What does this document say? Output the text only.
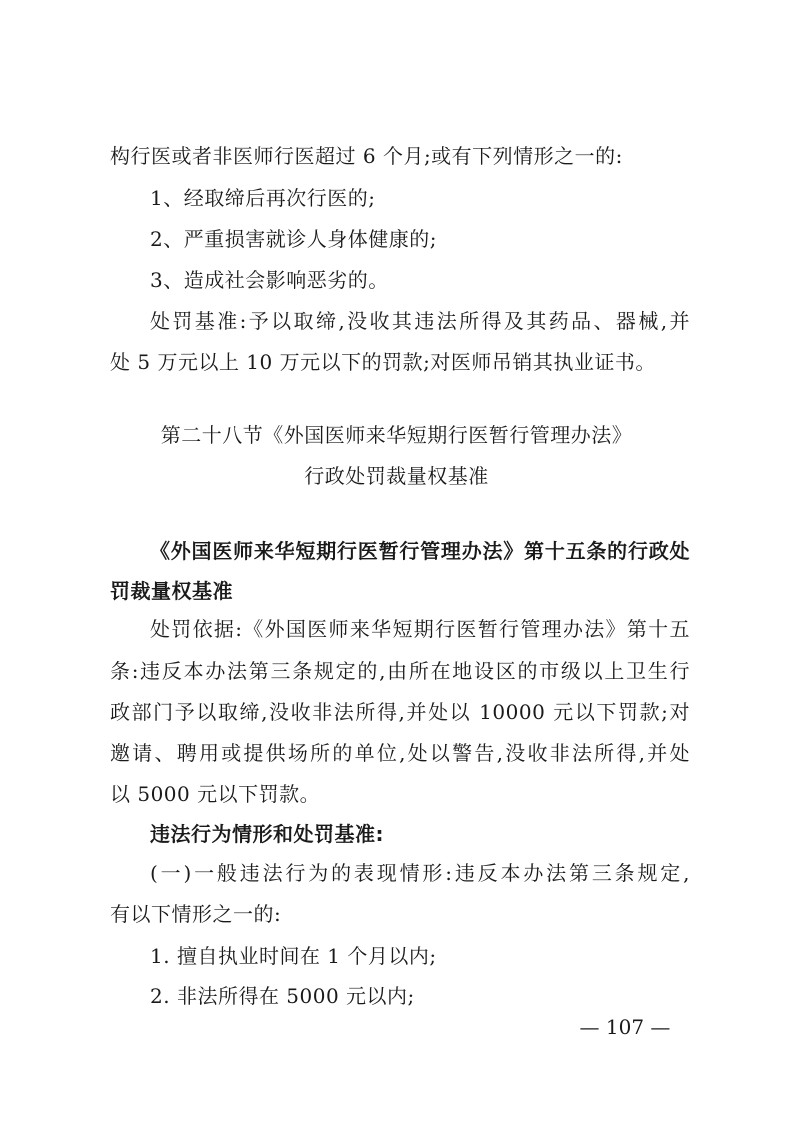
构行医或者非医师行医超过 6 个月;或有下列情形之一的:
1、经取缔后再次行医的;
2、严重损害就诊人身体健康的;
3、造成社会影响恶劣的。
处罚基准:予以取缔,没收其违法所得及其药品、器械,并
处 5 万元以上 10 万元以下的罚款;对医师吊销其执业证书。
第二十八节《外国医师来华短期行医暂行管理办法》
行政处罚裁量权基准
《外国医师来华短期行医暂行管理办法》第十五条的行政处
罚裁量权基准
处罚依据:《外国医师来华短期行医暂行管理办法》第十五
条:违反本办法第三条规定的,由所在地设区的市级以上卫生行
政部门予以取缔,没收非法所得,并处以 10000 元以下罚款;对
邀请、聘用或提供场所的单位,处以警告,没收非法所得,并处
以 5000 元以下罚款。
违法行为情形和处罚基准:
(一)一般违法行为的表现情形:违反本办法第三条规定,
有以下情形之一的:
1. 擅自执业时间在 1 个月以内;
2. 非法所得在 5000 元以内;
— 107 —
